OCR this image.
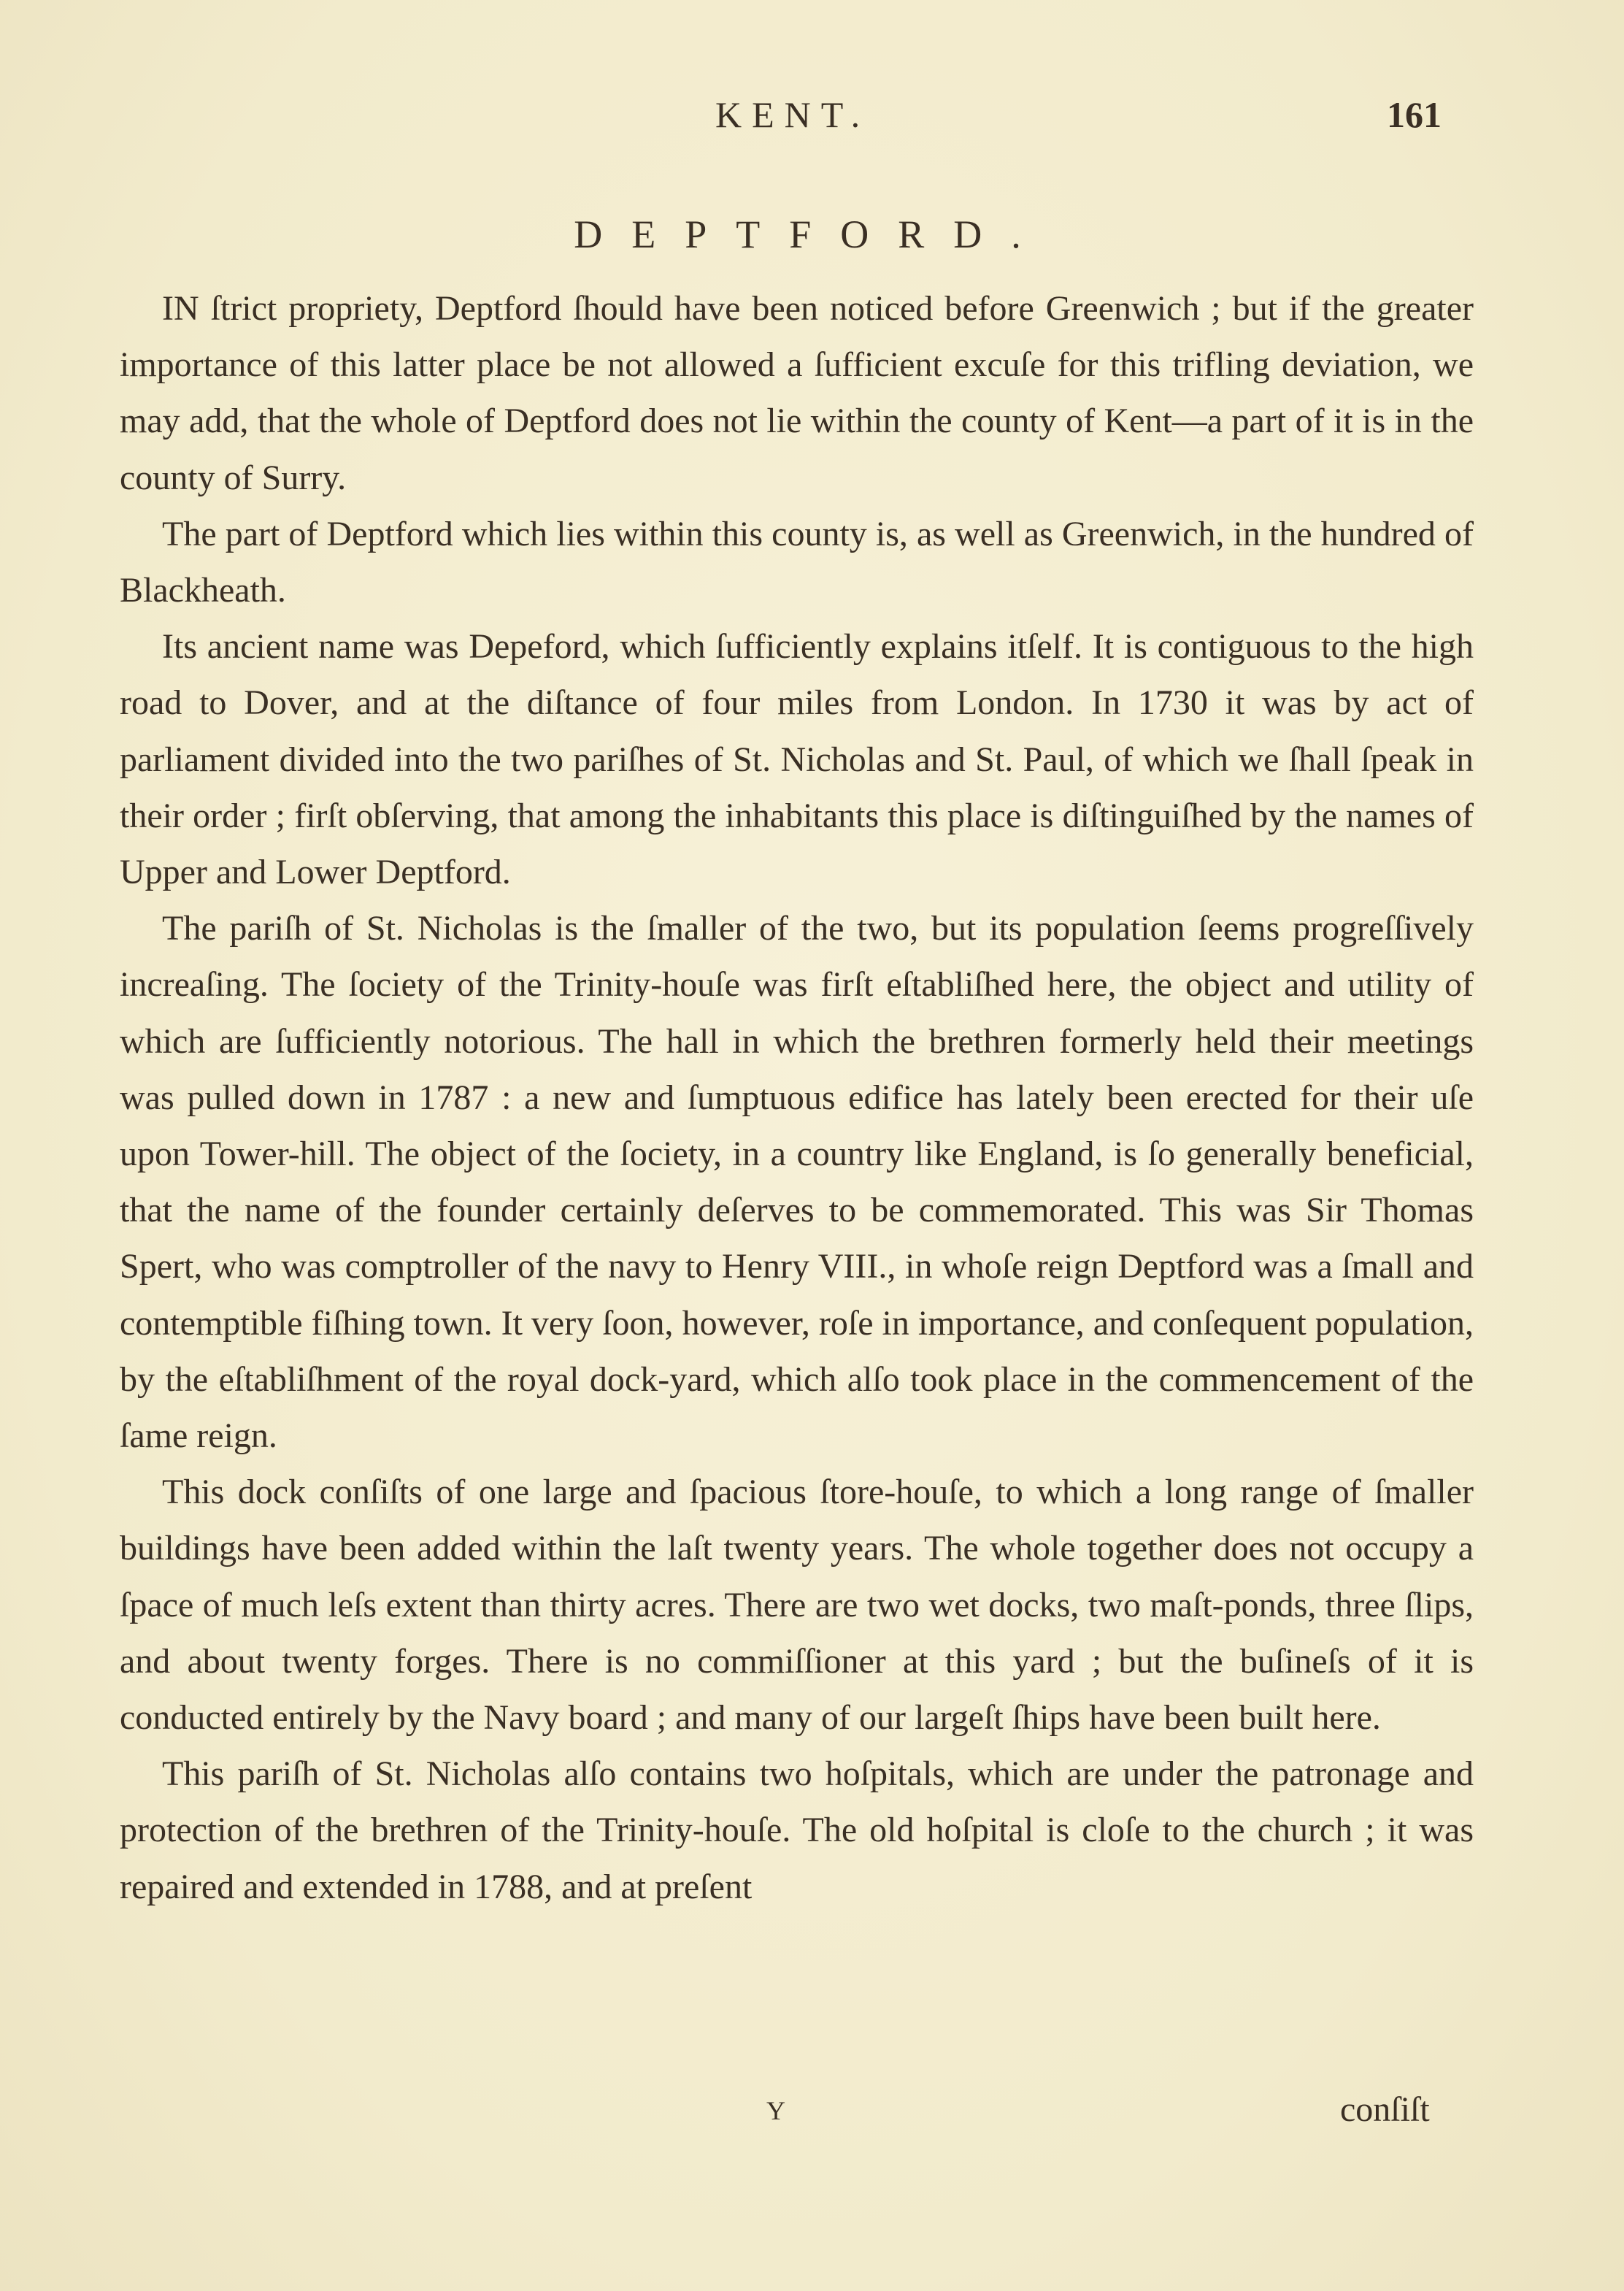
KENT.	161
DEPTFORD.

IN ſtrict propriety, Deptford ſhould have been noticed before Greenwich ; but if the greater importance of this latter place be not allowed a ſufficient excuſe for this trifling deviation, we may add, that the whole of Deptford does not lie within the county of Kent—a part of it is in the county of Surry.

The part of Deptford which lies within this county is, as well as Greenwich, in the hundred of Blackheath.

Its ancient name was Depeford, which ſufficiently explains itſelf. It is contiguous to the high road to Dover, and at the diſtance of four miles from London. In 1730 it was by act of parliament divided into the two pariſhes of St. Nicholas and St. Paul, of which we ſhall ſpeak in their order ; firſt obſerving, that among the inhabitants this place is diſtinguiſhed by the names of Upper and Lower Deptford.

The pariſh of St. Nicholas is the ſmaller of the two, but its population ſeems progreſſively increaſing. The ſociety of the Trinity-houſe was firſt eſtabliſhed here, the object and utility of which are ſufficiently notorious. The hall in which the brethren formerly held their meetings was pulled down in 1787 : a new and ſumptuous edifice has lately been erected for their uſe upon Tower-hill. The object of the ſociety, in a country like England, is ſo generally beneficial, that the name of the founder certainly deſerves to be commemorated. This was Sir Thomas Spert, who was comptroller of the navy to Henry VIII., in whoſe reign Deptford was a ſmall and contemptible fiſhing town. It very ſoon, however, roſe in importance, and conſequent population, by the eſtabliſhment of the royal dock-yard, which alſo took place in the commencement of the ſame reign.

This dock conſiſts of one large and ſpacious ſtore-houſe, to which a long range of ſmaller buildings have been added within the laſt twenty years. The whole together does not occupy a ſpace of much leſs extent than thirty acres. There are two wet docks, two maſt-ponds, three ſlips, and about twenty forges. There is no commiſſioner at this yard ; but the buſineſs of it is conducted entirely by the Navy board ; and many of our largeſt ſhips have been built here.

This pariſh of St. Nicholas alſo contains two hoſpitals, which are under the patronage and protection of the brethren of the Trinity-houſe. The old hoſpital is cloſe to the church ; it was repaired and extended in 1788, and at preſent

Y	conſiſt
